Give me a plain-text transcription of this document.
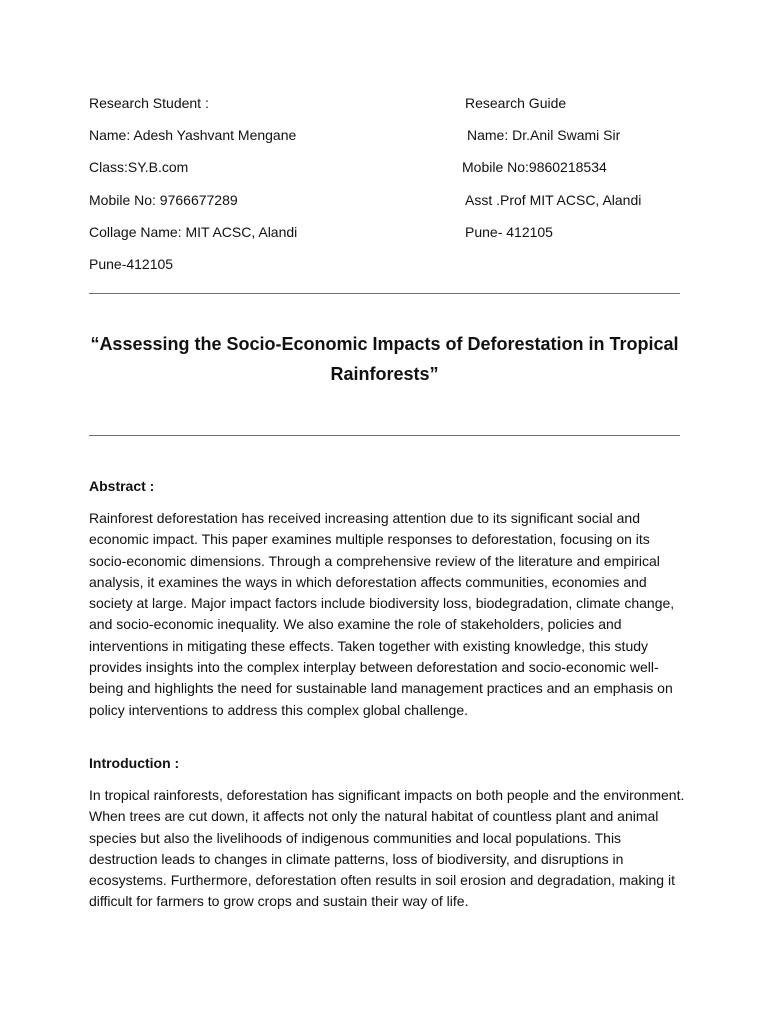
Research Student :
Name: Adesh Yashvant Mengane
Class:SY.B.com
Mobile No: 9766677289
Collage Name: MIT ACSC, Alandi
Pune-412105
Research Guide
Name: Dr.Anil Swami Sir
Mobile No:9860218534
Asst .Prof MIT ACSC, Alandi
Pune- 412105
“Assessing the Socio-Economic Impacts of Deforestation in Tropical Rainforests”
Abstract :
Rainforest deforestation has received increasing attention due to its significant social and economic impact. This paper examines multiple responses to deforestation, focusing on its socio-economic dimensions. Through a comprehensive review of the literature and empirical analysis, it examines the ways in which deforestation affects communities, economies and society at large. Major impact factors include biodiversity loss, biodegradation, climate change, and socio-economic inequality. We also examine the role of stakeholders, policies and interventions in mitigating these effects. Taken together with existing knowledge, this study provides insights into the complex interplay between deforestation and socio-economic well-being and highlights the need for sustainable land management practices and an emphasis on policy interventions to address this complex global challenge.
Introduction :
In tropical rainforests, deforestation has significant impacts on both people and the environment. When trees are cut down, it affects not only the natural habitat of countless plant and animal species but also the livelihoods of indigenous communities and local populations. This destruction leads to changes in climate patterns, loss of biodiversity, and disruptions in ecosystems. Furthermore, deforestation often results in soil erosion and degradation, making it difficult for farmers to grow crops and sustain their way of life.
